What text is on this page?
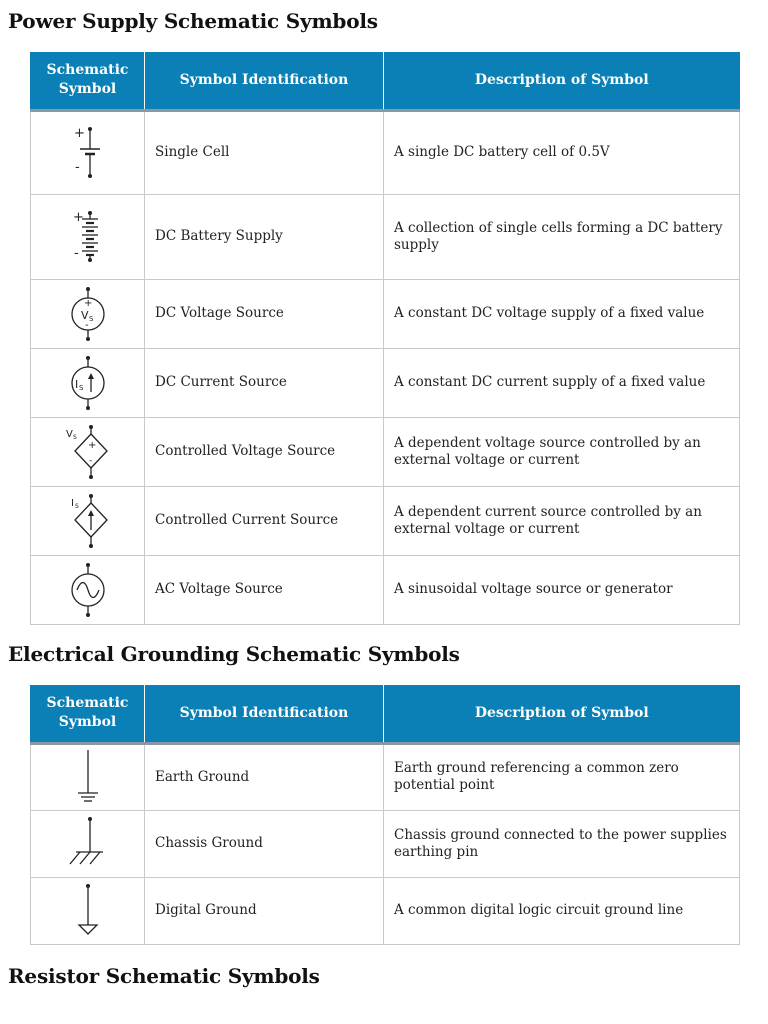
Power Supply Schematic Symbols
Schematic Symbol	Symbol Identification	Description of Symbol

+
-	Single Cell	A single DC battery cell of 0.5V

+
-	DC Battery Supply	A collection of single cells forming a DC battery supply

+
V S
-	DC Voltage Source	A constant DC voltage supply of a fixed value

I S	DC Current Source	A constant DC current supply of a fixed value

+
-
V S	Controlled Voltage Source	A dependent voltage source controlled by an external voltage or current

I S	Controlled Current Source	A dependent current source controlled by an external voltage or current

	AC Voltage Source	A sinusoidal voltage source or generator
Electrical Grounding Schematic Symbols
Schematic Symbol	Symbol Identification	Description of Symbol

	Earth Ground	Earth ground referencing a common zero potential point

	Chassis Ground	Chassis ground connected to the power supplies earthing pin

	Digital Ground	A common digital logic circuit ground line
Resistor Schematic Symbols
